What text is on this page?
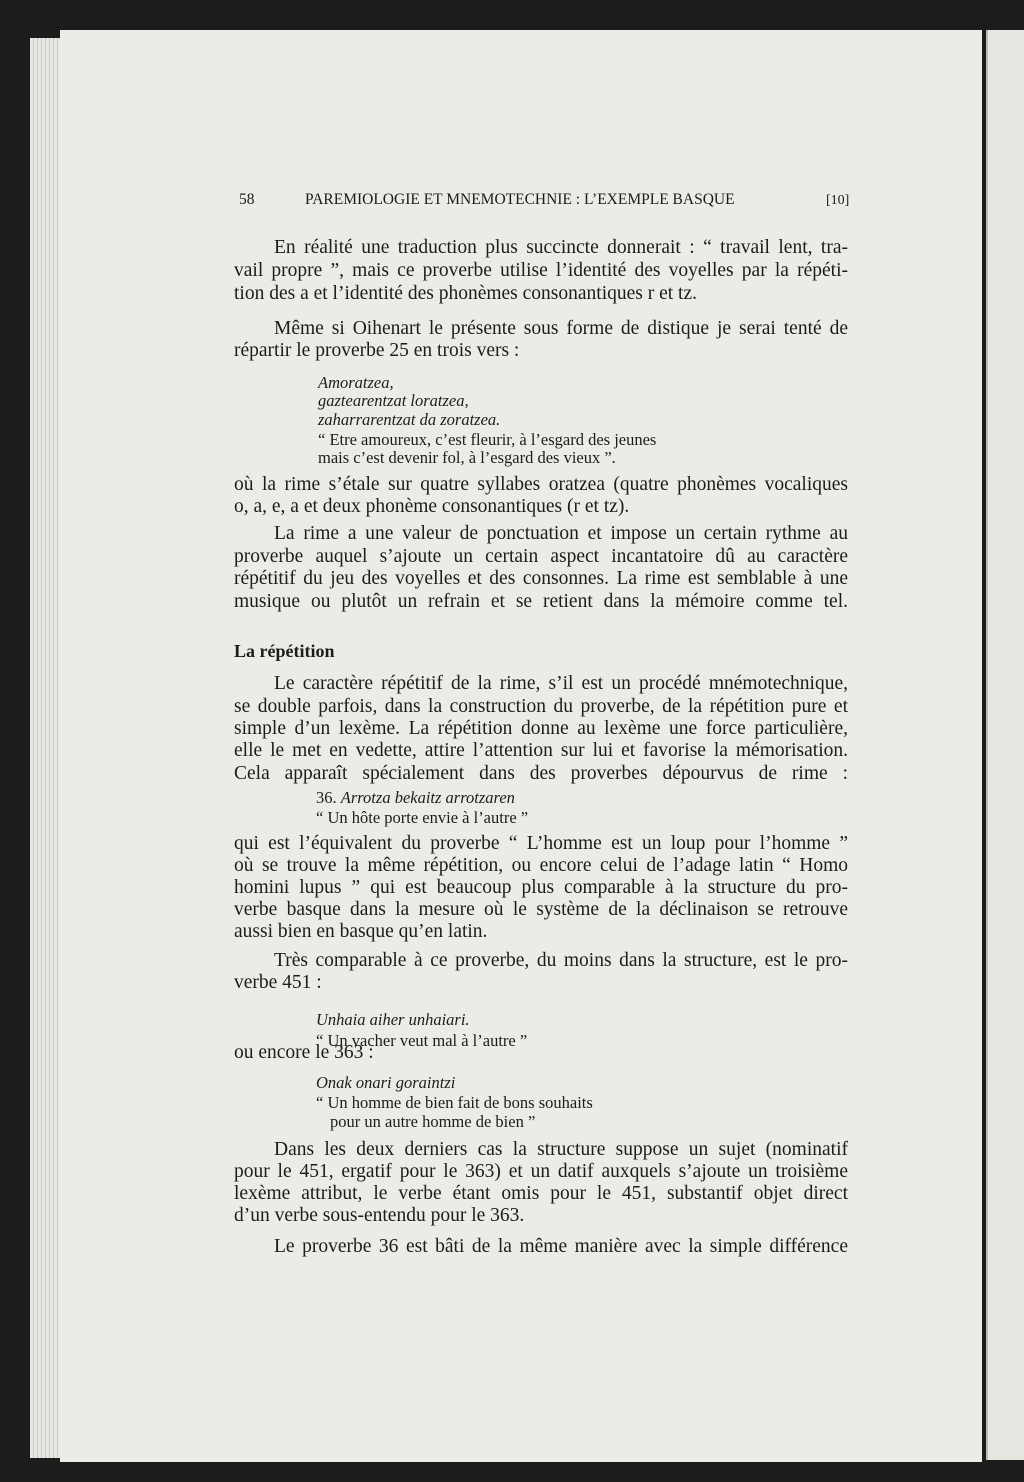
58	PAREMIOLOGIE ET MNEMOTECHNIE : L’EXEMPLE BASQUE	[10]
En réalité une traduction plus succincte donnerait : “ travail lent, tra-
vail propre ”, mais ce proverbe utilise l’identité des voyelles par la répéti-
tion des a et l’identité des phonèmes consonantiques r et tz.
Même si Oihenart le présente sous forme de distique je serai tenté de
répartir le proverbe 25 en trois vers :
Amoratzea,
gaztearentzat loratzea,
zaharrarentzat da zoratzea.
“ Etre amoureux, c’est fleurir, à l’esgard des jeunes
mais c’est devenir fol, à l’esgard des vieux ”.
où la rime s’étale sur quatre syllabes oratzea (quatre phonèmes vocaliques
o, a, e, a et deux phonème consonantiques (r et tz).
La rime a une valeur de ponctuation et impose un certain rythme au
proverbe auquel s’ajoute un certain aspect incantatoire dû au caractère
répétitif du jeu des voyelles et des consonnes. La rime est semblable à une
musique ou plutôt un refrain et se retient dans la mémoire comme tel.
La répétition
Le caractère répétitif de la rime, s’il est un procédé mnémotechnique,
se double parfois, dans la construction du proverbe, de la répétition pure et
simple d’un lexème. La répétition donne au lexème une force particulière,
elle le met en vedette, attire l’attention sur lui et favorise la mémorisation.
Cela apparaît spécialement dans des proverbes dépourvus de rime :
36. Arrotza bekaitz arrotzaren
“ Un hôte porte envie à l’autre ”
qui est l’équivalent du proverbe “ L’homme est un loup pour l’homme ”
où se trouve la même répétition, ou encore celui de l’adage latin “ Homo
homini lupus ” qui est beaucoup plus comparable à la structure du pro-
verbe basque dans la mesure où le système de la déclinaison se retrouve
aussi bien en basque qu’en latin.
Très comparable à ce proverbe, du moins dans la structure, est le pro-
verbe 451 :
Unhaia aiher unhaiari.
“ Un vacher veut mal à l’autre ”
ou encore le 363 :
Onak onari goraintzi
“ Un homme de bien fait de bons souhaits
pour un autre homme de bien ”
Dans les deux derniers cas la structure suppose un sujet (nominatif
pour le 451, ergatif pour le 363) et un datif auxquels s’ajoute un troisième
lexème attribut, le verbe étant omis pour le 451, substantif objet direct
d’un verbe sous-entendu pour le 363.
Le proverbe 36 est bâti de la même manière avec la simple différence
